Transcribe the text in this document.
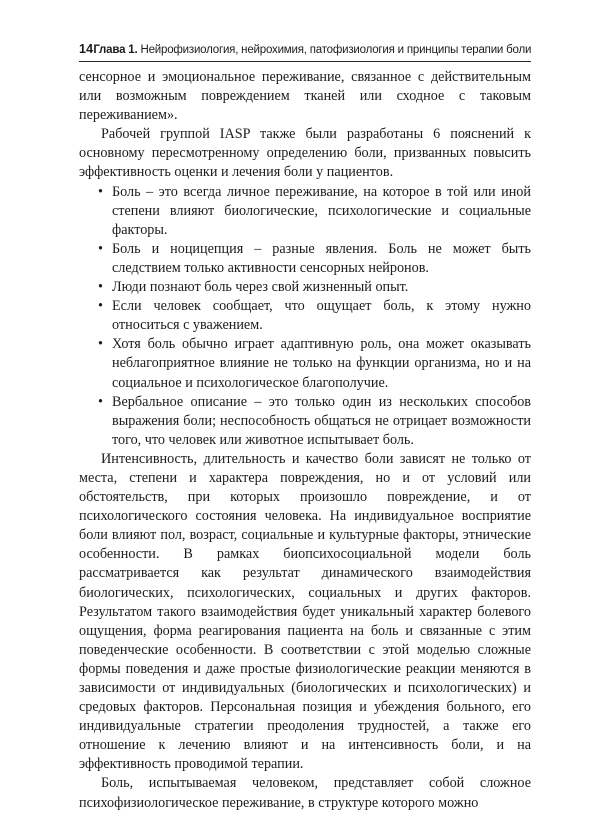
14 Глава 1. Нейрофизиология, нейрохимия, патофизиология и принципы терапии боли

сенсорное и эмоциональное переживание, связанное с действительным или возможным повреждением тканей или сходное с таковым переживанием».

Рабочей группой IASP также были разработаны 6 пояснений к основному пересмотренному определению боли, призванных повысить эффективность оценки и лечения боли у пациентов.

• Боль – это всегда личное переживание, на которое в той или иной степени влияют биологические, психологические и социальные факторы.
• Боль и ноцицепция – разные явления. Боль не может быть следствием только активности сенсорных нейронов.
• Люди познают боль через свой жизненный опыт.
• Если человек сообщает, что ощущает боль, к этому нужно относиться с уважением.
• Хотя боль обычно играет адаптивную роль, она может оказывать неблагоприятное влияние не только на функции организма, но и на социальное и психологическое благополучие.
• Вербальное описание – это только один из нескольких способов выражения боли; неспособность общаться не отрицает возможности того, что человек или животное испытывает боль.

Интенсивность, длительность и качество боли зависят не только от места, степени и характера повреждения, но и от условий или обстоятельств, при которых произошло повреждение, и от психологического состояния человека. На индивидуальное восприятие боли влияют пол, возраст, социальные и культурные факторы, этнические особенности. В рамках биопсихосоциальной модели боль рассматривается как результат динамического взаимодействия биологических, психологических, социальных и других факторов. Результатом такого взаимодействия будет уникальный характер болевого ощущения, форма реагирования пациента на боль и связанные с этим поведенческие особенности. В соответствии с этой моделью сложные формы поведения и даже простые физиологические реакции меняются в зависимости от индивидуальных (биологических и психологических) и средовых факторов. Персональная позиция и убеждения больного, его индивидуальные стратегии преодоления трудностей, а также его отношение к лечению влияют и на интенсивность боли, и на эффективность проводимой терапии.

Боль, испытываемая человеком, представляет собой сложное психофизиологическое переживание, в структуре которого можно
